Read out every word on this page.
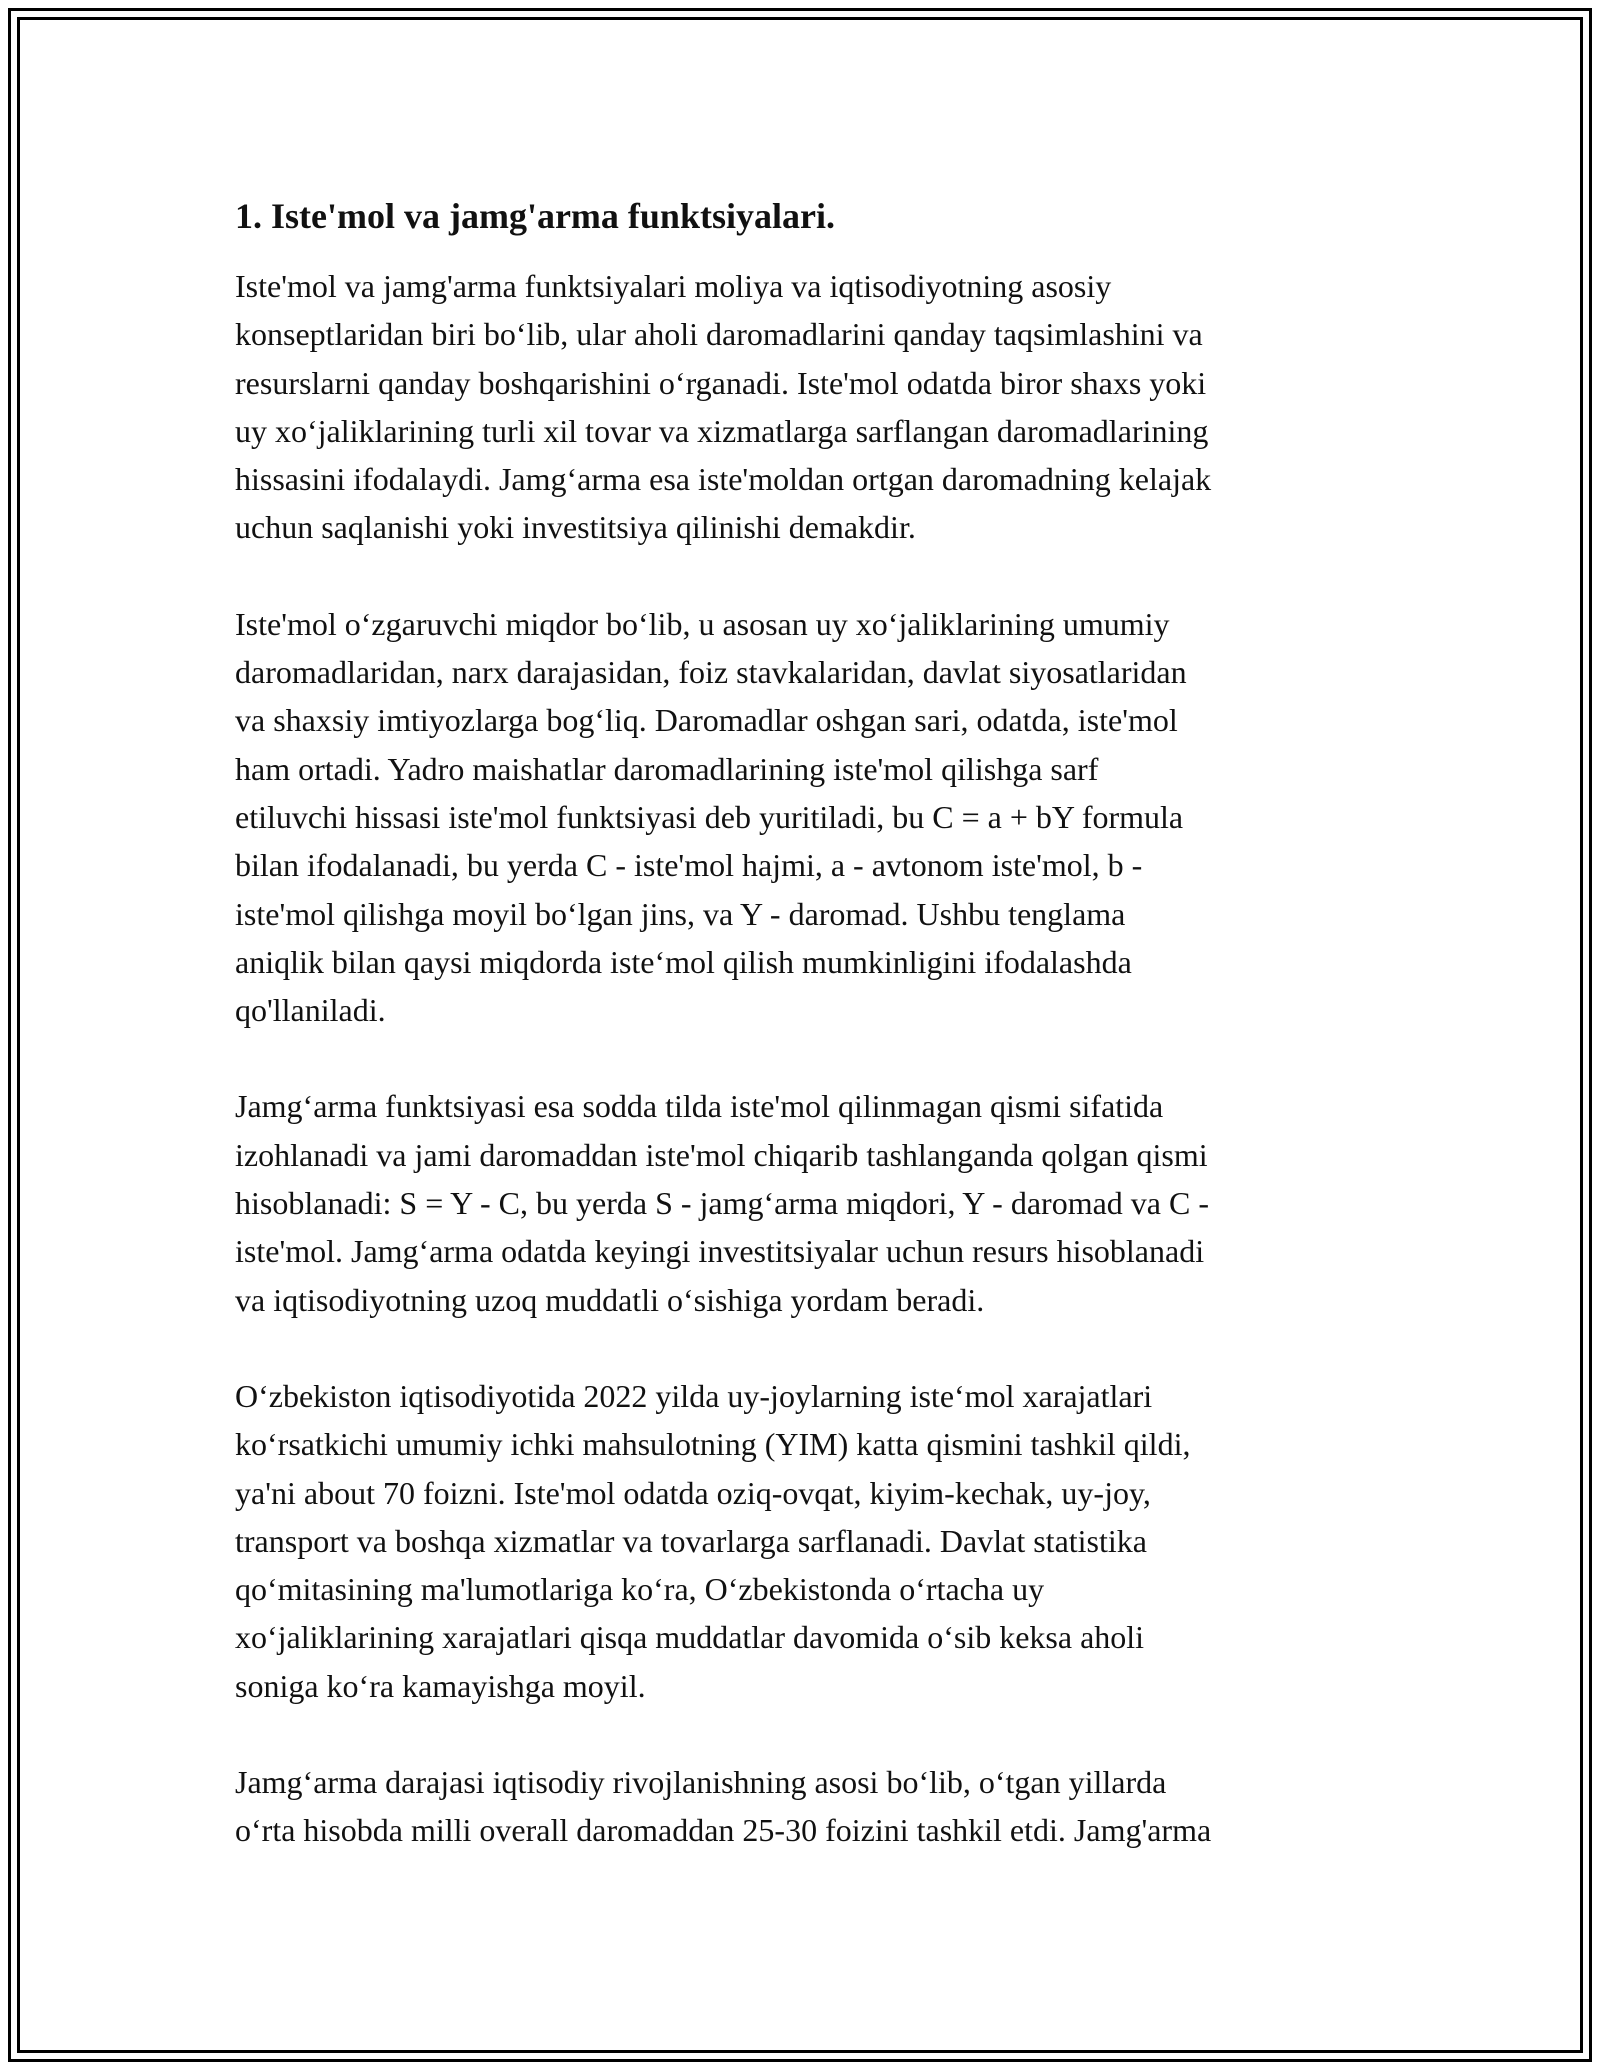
1. Iste'mol va jamg'arma funktsiyalari.

Iste'mol va jamg'arma funktsiyalari moliya va iqtisodiyotning asosiy
konseptlaridan biri bo‘lib, ular aholi daromadlarini qanday taqsimlashini va
resurslarni qanday boshqarishini o‘rganadi. Iste'mol odatda biror shaxs yoki
uy xo‘jaliklarining turli xil tovar va xizmatlarga sarflangan daromadlarining
hissasini ifodalaydi. Jamg‘arma esa iste'moldan ortgan daromadning kelajak
uchun saqlanishi yoki investitsiya qilinishi demakdir.

Iste'mol o‘zgaruvchi miqdor bo‘lib, u asosan uy xo‘jaliklarining umumiy
daromadlaridan, narx darajasidan, foiz stavkalaridan, davlat siyosatlaridan
va shaxsiy imtiyozlarga bog‘liq. Daromadlar oshgan sari, odatda, iste'mol
ham ortadi. Yadro maishatlar daromadlarining iste'mol qilishga sarf
etiluvchi hissasi iste'mol funktsiyasi deb yuritiladi, bu C = a + bY formula
bilan ifodalanadi, bu yerda C - iste'mol hajmi, a - avtonom iste'mol, b -
iste'mol qilishga moyil bo‘lgan jins, va Y - daromad. Ushbu tenglama
aniqlik bilan qaysi miqdorda iste‘mol qilish mumkinligini ifodalashda
qo'llaniladi.

Jamg‘arma funktsiyasi esa sodda tilda iste'mol qilinmagan qismi sifatida
izohlanadi va jami daromaddan iste'mol chiqarib tashlanganda qolgan qismi
hisoblanadi: S = Y - C, bu yerda S - jamg‘arma miqdori, Y - daromad va C -
iste'mol. Jamg‘arma odatda keyingi investitsiyalar uchun resurs hisoblanadi
va iqtisodiyotning uzoq muddatli o‘sishiga yordam beradi.

O‘zbekiston iqtisodiyotida 2022 yilda uy-joylarning iste‘mol xarajatlari
ko‘rsatkichi umumiy ichki mahsulotning (YIM) katta qismini tashkil qildi,
ya'ni about 70 foizni. Iste'mol odatda oziq-ovqat, kiyim-kechak, uy-joy,
transport va boshqa xizmatlar va tovarlarga sarflanadi. Davlat statistika
qo‘mitasining ma'lumotlariga ko‘ra, O‘zbekistonda o‘rtacha uy
xo‘jaliklarining xarajatlari qisqa muddatlar davomida o‘sib keksa aholi
soniga ko‘ra kamayishga moyil.

Jamg‘arma darajasi iqtisodiy rivojlanishning asosi bo‘lib, o‘tgan yillarda
o‘rta hisobda milli overall daromaddan 25-30 foizini tashkil etdi. Jamg'arma
